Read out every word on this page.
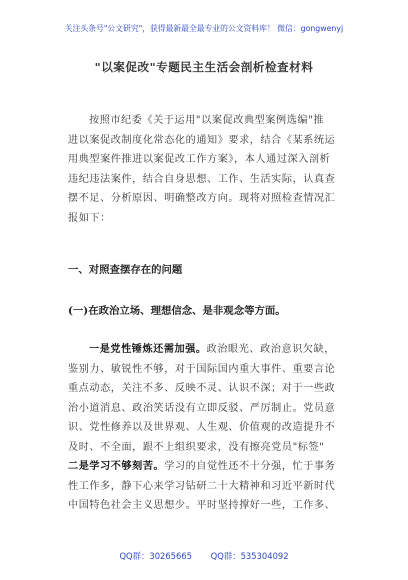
关注头条号"公文研究"，获得最新最全最专业的公文资料库！ 微信：gongwenyj
"以案促改"专题民主生活会剖析检查材料
按照市纪委《关于运用"以案促改典型案例选编"推
进以案促改制度化常态化的通知》要求，结合《某系统运
用典型案件推进以案促改工作方案》，本人通过深入剖析
违纪违法案件，结合自身思想、工作、生活实际，认真查
摆不足、分析原因、明确整改方向。现将对照检查情况汇
报如下：
一、对照查摆存在的问题
(一)在政治立场、理想信念、是非观念等方面。
一是党性锤炼还需加强。政治眼光、政治意识欠缺，
鉴别力、敏锐性不够，对于国际国内重大事件、重要言论
重点动态，关注不多、反映不灵、认识不深；对于一些政
治小道消息、政治笑话没有立即反驳、严厉制止。党员意
识、党性修养以及世界观、人生观、价值观的改造提升不
及时、不全面，跟不上组织要求，没有擦亮党员"标签"
二是学习不够刻苦。学习的自觉性还不十分强，忙于事务
性工作多，静下心来学习钻研二十大精神和习近平新时代
中国特色社会主义思想少。平时坚持撑好一些，工作多、
QQ群：30265665 QQ群：535304092
